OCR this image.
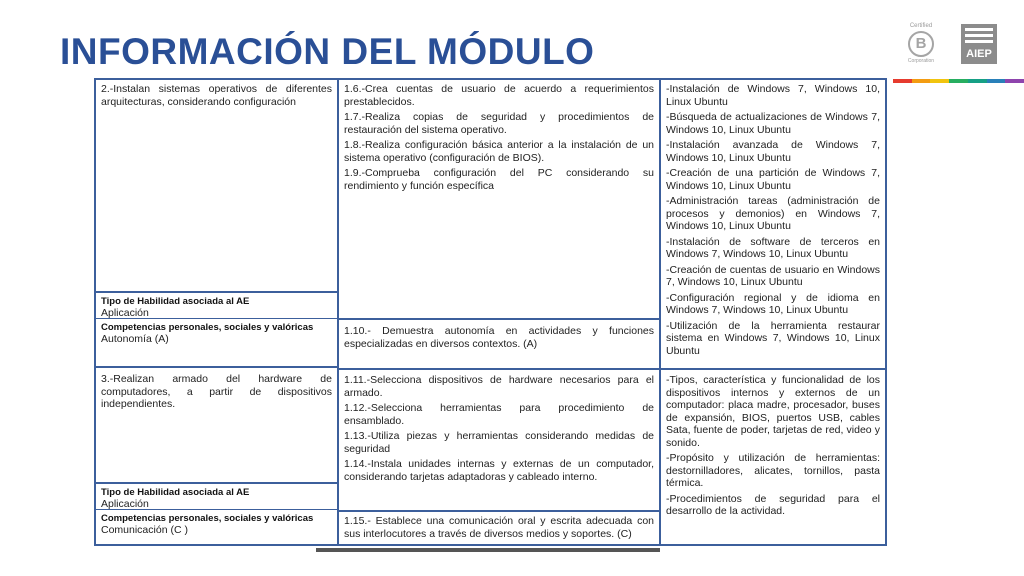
INFORMACIÓN DEL MÓDULO
Certified
B
Corporation
AIEP
2.-Instalan sistemas operativos de diferentes arquitecturas, considerando configuración
Tipo de Habilidad asociada al AE
Aplicación
Competencias personales, sociales y valóricas
Autonomía (A)
3.-Realizan armado del hardware de computadores, a partir de dispositivos independientes.
Tipo de Habilidad asociada al AE
Aplicación
Competencias personales, sociales y valóricas
Comunicación (C )

1.6.-Crea cuentas de usuario de acuerdo a requerimientos prestablecidos.

1.7.-Realiza copias de seguridad y procedimientos de restauración del sistema operativo.

1.8.-Realiza configuración básica anterior a la instalación de un sistema operativo (configuración de BIOS).

1.9.-Comprueba configuración del PC considerando su rendimiento y función específica

1.10.- Demuestra autonomía en actividades y funciones especializadas en diversos contextos. (A)

1.11.-Selecciona dispositivos de hardware necesarios para el armado.

1.12.-Selecciona herramientas para procedimiento de ensamblado.

1.13.-Utiliza piezas y herramientas considerando medidas de seguridad

1.14.-Instala unidades internas y externas de un computador, considerando tarjetas adaptadoras y cableado interno.

1.15.- Establece una comunicación oral y escrita adecuada con sus interlocutores a través de diversos medios y soportes. (C)

-Instalación de Windows 7, Windows 10, Linux Ubuntu

-Búsqueda de actualizaciones de Windows 7, Windows 10, Linux Ubuntu

-Instalación avanzada de Windows 7, Windows 10, Linux Ubuntu

-Creación de una partición de Windows 7, Windows 10, Linux Ubuntu

-Administración tareas (administración de procesos y demonios) en Windows 7, Windows 10, Linux Ubuntu

-Instalación de software de terceros en Windows 7, Windows 10, Linux Ubuntu

-Creación de cuentas de usuario en Windows 7, Windows 10, Linux Ubuntu

-Configuración regional y de idioma en Windows 7, Windows 10, Linux Ubuntu

-Utilización de la herramienta restaurar sistema en Windows 7, Windows 10, Linux Ubuntu

-Tipos, característica y funcionalidad de los dispositivos internos y externos de un computador: placa madre, procesador, buses de expansión, BIOS, puertos USB, cables Sata, fuente de poder, tarjetas de red, video y sonido.

-Propósito y utilización de herramientas: destornilladores, alicates, tornillos, pasta térmica.

-Procedimientos de seguridad para el desarrollo de la actividad.
